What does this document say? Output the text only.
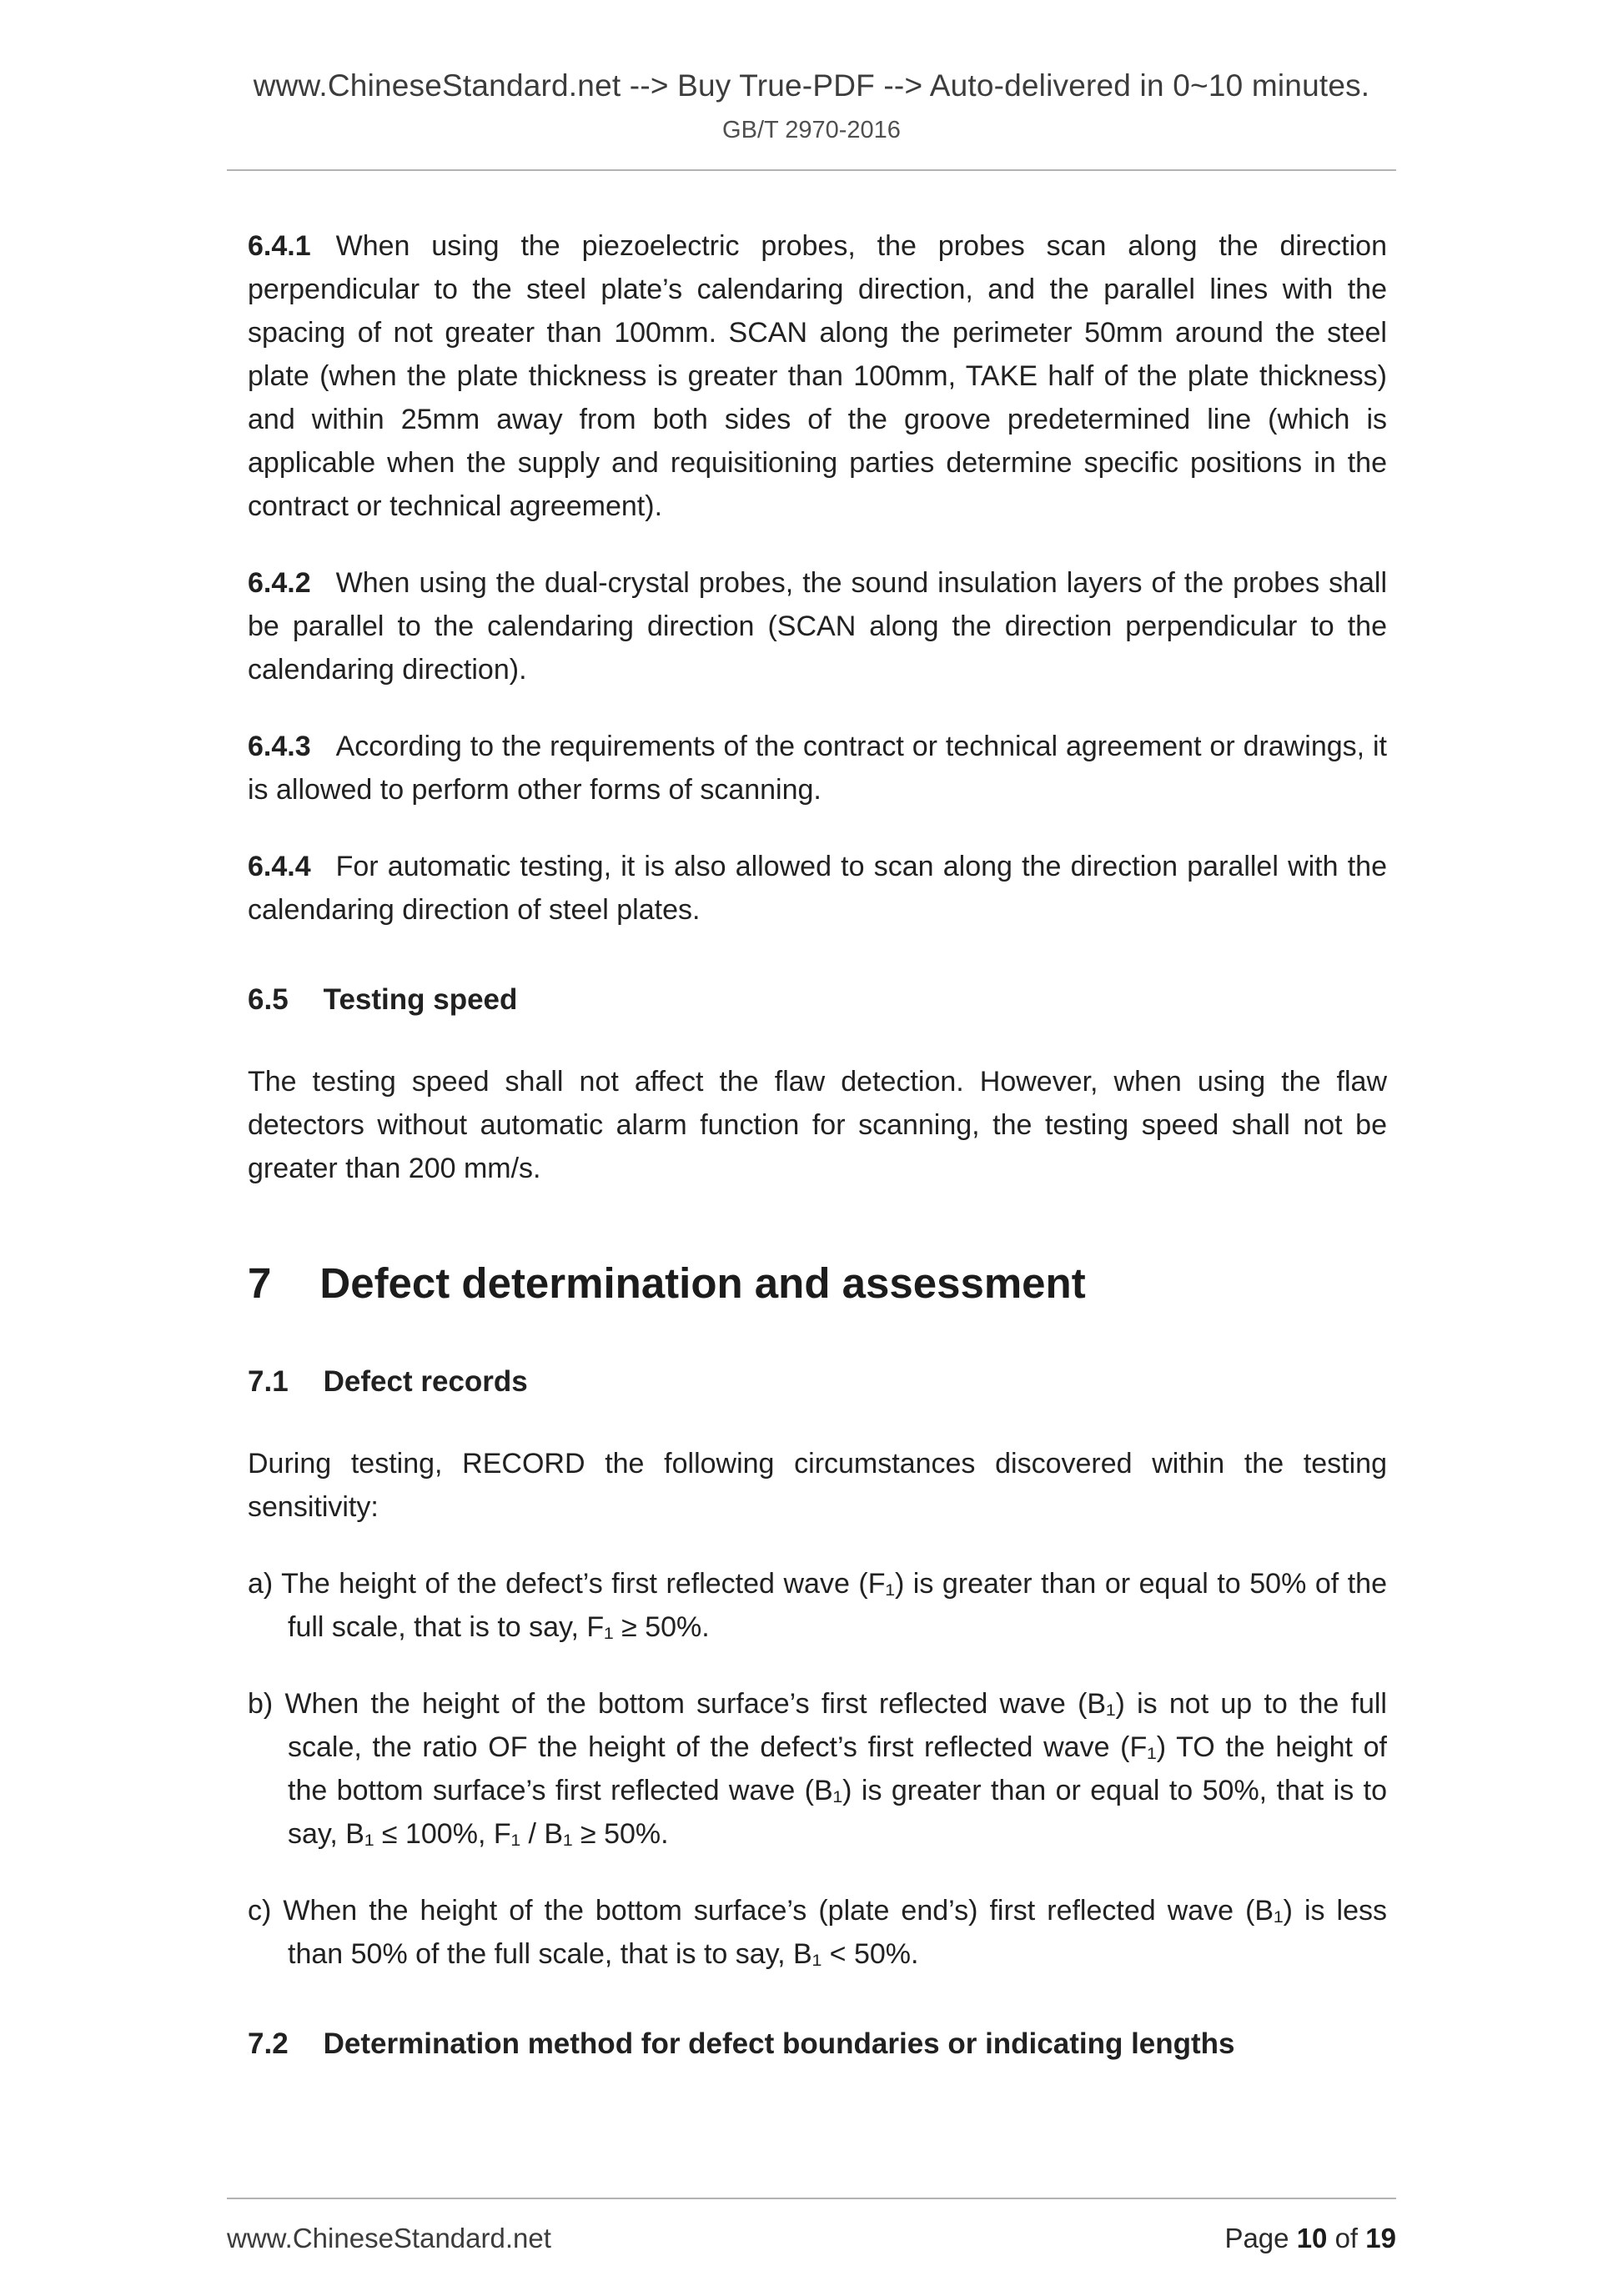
www.ChineseStandard.net --> Buy True-PDF --> Auto-delivered in 0~10 minutes.
GB/T 2970-2016

6.4.1 When using the piezoelectric probes, the probes scan along the direction perpendicular to the steel plate’s calendaring direction, and the parallel lines with the spacing of not greater than 100mm. SCAN along the perimeter 50mm around the steel plate (when the plate thickness is greater than 100mm, TAKE half of the plate thickness) and within 25mm away from both sides of the groove predetermined line (which is applicable when the supply and requisitioning parties determine specific positions in the contract or technical agreement).

6.4.2 When using the dual-crystal probes, the sound insulation layers of the probes shall be parallel to the calendaring direction (SCAN along the direction perpendicular to the calendaring direction).

6.4.3 According to the requirements of the contract or technical agreement or drawings, it is allowed to perform other forms of scanning.

6.4.4 For automatic testing, it is also allowed to scan along the direction parallel with the calendaring direction of steel plates.

6.5 Testing speed

The testing speed shall not affect the flaw detection. However, when using the flaw detectors without automatic alarm function for scanning, the testing speed shall not be greater than 200 mm/s.

7 Defect determination and assessment
7.1 Defect records

During testing, RECORD the following circumstances discovered within the testing sensitivity:

a) The height of the defect’s first reflected wave (F₁) is greater than or equal to 50% of the full scale, that is to say, F₁ ≥ 50%.

b) When the height of the bottom surface’s first reflected wave (B₁) is not up to the full scale, the ratio OF the height of the defect’s first reflected wave (F₁) TO the height of the bottom surface’s first reflected wave (B₁) is greater than or equal to 50%, that is to say, B₁ ≤ 100%, F₁ / B₁ ≥ 50%.

c) When the height of the bottom surface’s (plate end’s) first reflected wave (B₁) is less than 50% of the full scale, that is to say, B₁ < 50%.

7.2 Determination method for defect boundaries or indicating lengths
www.ChineseStandard.net	Page 10 of 19
